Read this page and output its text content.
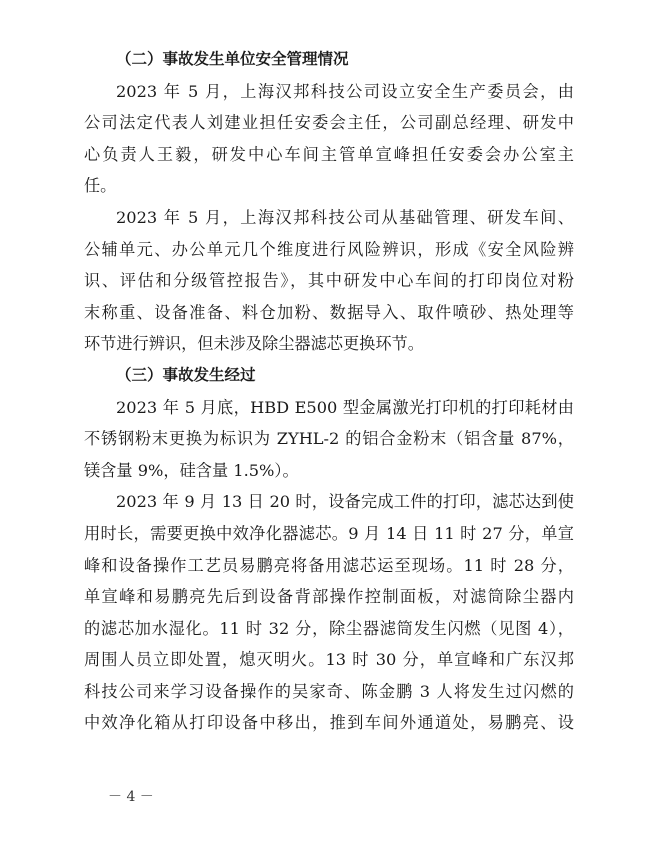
（二）事故发生单位安全管理情况
2023 年 5 月，上海汉邦科技公司设立安全生产委员会，由
公司法定代表人刘建业担任安委会主任，公司副总经理、研发中
心负责人王毅，研发中心车间主管单宣峰担任安委会办公室主
任。
2023 年 5 月，上海汉邦科技公司从基础管理、研发车间、
公辅单元、办公单元几个维度进行风险辨识，形成《安全风险辨
识、评估和分级管控报告》，其中研发中心车间的打印岗位对粉
末称重、设备准备、料仓加粉、数据导入、取件喷砂、热处理等
环节进行辨识，但未涉及除尘器滤芯更换环节。
（三）事故发生经过
2023 年 5 月底，HBD E500 型金属激光打印机的打印耗材由
不锈钢粉末更换为标识为 ZYHL-2 的铝合金粉末（铝含量 87%，
镁含量 9%，硅含量 1.5%）。
2023 年 9 月 13 日 20 时，设备完成工件的打印，滤芯达到使
用时长，需要更换中效净化器滤芯。9 月 14 日 11 时 27 分，单宣
峰和设备操作工艺员易鹏亮将备用滤芯运至现场。11 时 28 分，
单宣峰和易鹏亮先后到设备背部操作控制面板，对滤筒除尘器内
的滤芯加水湿化。11 时 32 分，除尘器滤筒发生闪燃（见图 4），
周围人员立即处置，熄灭明火。13 时 30 分，单宣峰和广东汉邦
科技公司来学习设备操作的吴家奇、陈金鹏 3 人将发生过闪燃的
中效净化箱从打印设备中移出，推到车间外通道处，易鹏亮、设
－ 4 －
